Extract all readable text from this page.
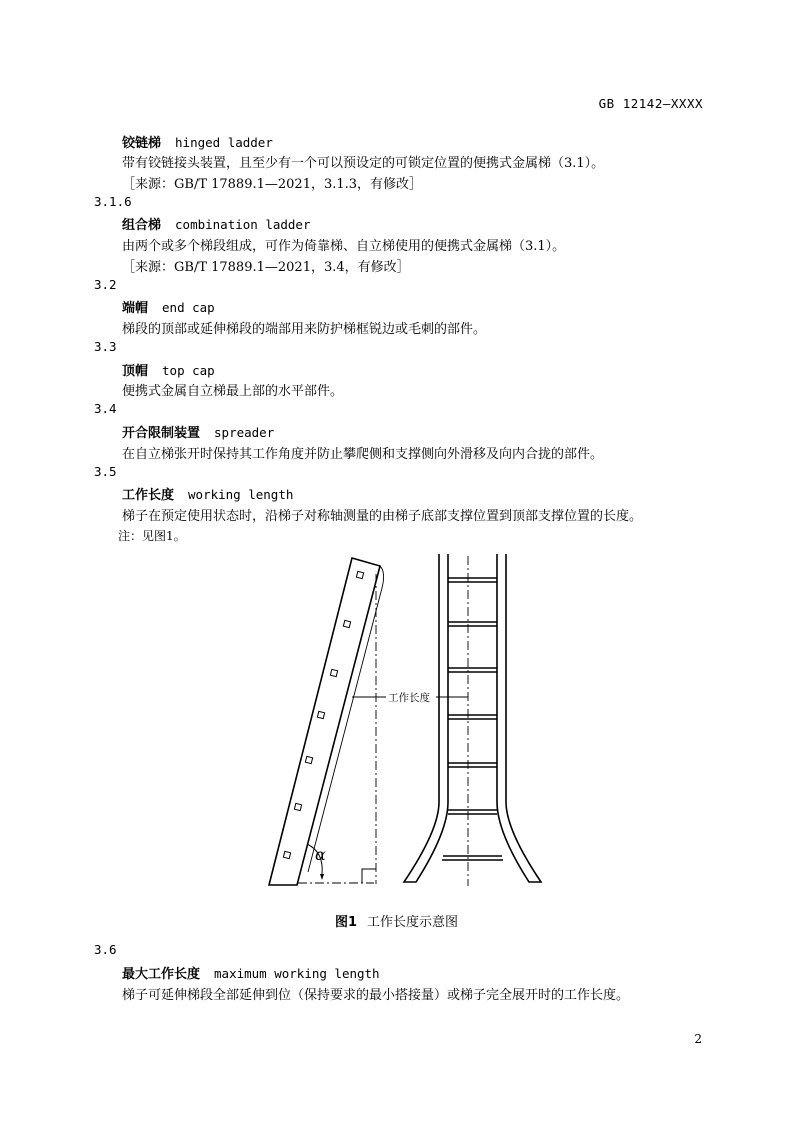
GB 12142—XXXX
铰链梯 hinged ladder
带有铰链接头装置，且至少有一个可以预设定的可锁定位置的便携式金属梯（3.1）。
［来源：GB/T 17889.1—2021，3.1.3，有修改］
3.1.6
组合梯 combination ladder
由两个或多个梯段组成，可作为倚靠梯、自立梯使用的便携式金属梯（3.1）。
［来源：GB/T 17889.1—2021，3.4，有修改］
3.2
端帽 end cap
梯段的顶部或延伸梯段的端部用来防护梯框锐边或毛刺的部件。
3.3
顶帽 top cap
便携式金属自立梯最上部的水平部件。
3.4
开合限制装置 spreader
在自立梯张开时保持其工作角度并防止攀爬侧和支撑侧向外滑移及向内合拢的部件。
3.5
工作长度 working length
梯子在预定使用状态时，沿梯子对称轴测量的由梯子底部支撑位置到顶部支撑位置的长度。
注：见图1。
α
工作长度
图1 工作长度示意图
3.6
最大工作长度 maximum working length
梯子可延伸梯段全部延伸到位（保持要求的最小搭接量）或梯子完全展开时的工作长度。
2
